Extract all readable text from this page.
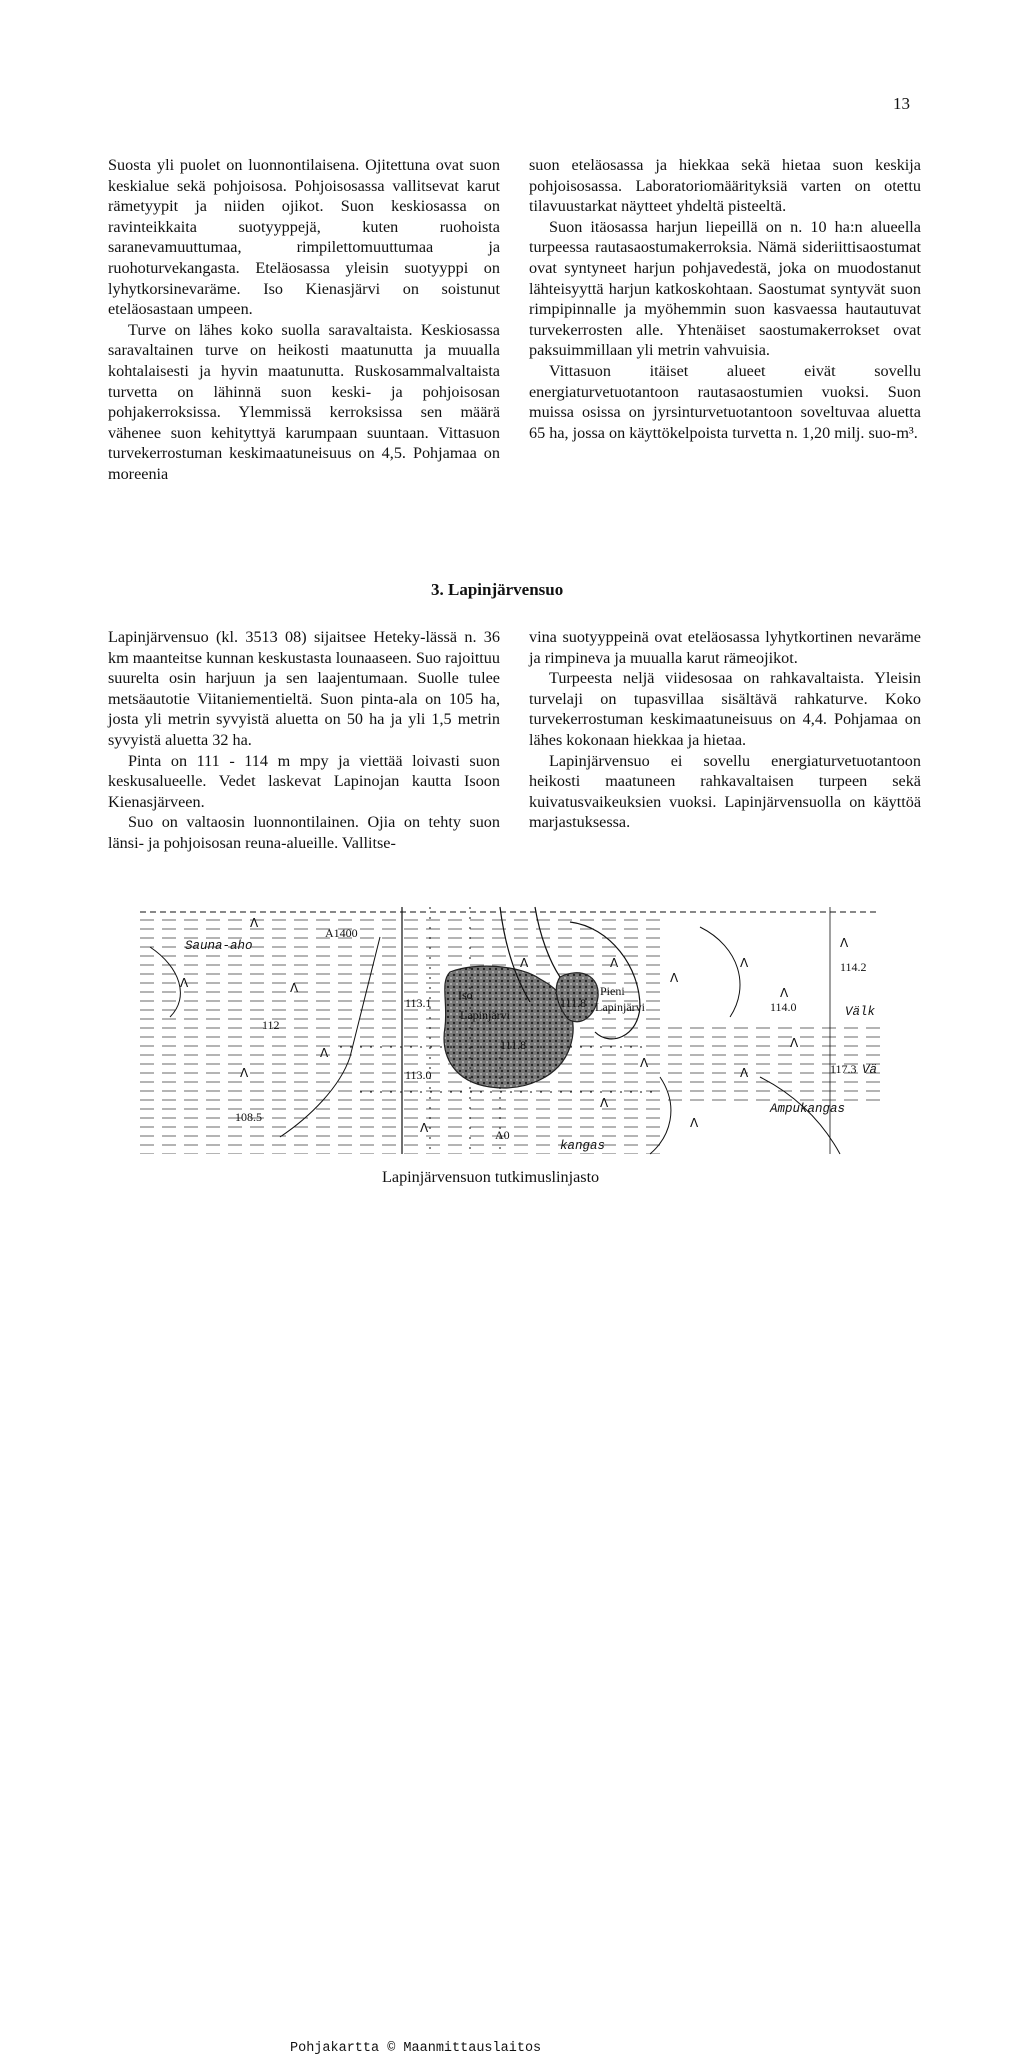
13

Suosta yli puolet on luonnontilaisena. Ojitettuna ovat suon keskialue sekä pohjoisosa. Pohjoisosassa vallitsevat karut rämetyypit ja niiden ojikot. Suon keskiosassa on ravinteikkaita suotyyppejä, kuten ruohoista saranevamuuttumaa, rimpilettomuuttumaa ja ruohoturvekangasta. Eteläosassa yleisin suotyyppi on lyhytkorsinevaräme. Iso Kienasjärvi on soistunut eteläosastaan umpeen.

Turve on lähes koko suolla saravaltaista. Keskiosassa saravaltainen turve on heikosti maatunutta ja muualla kohtalaisesti ja hyvin maatunutta. Ruskosammalvaltaista turvetta on lähinnä suon keski- ja pohjoisosan pohjakerroksissa. Ylemmissä kerroksissa sen määrä vähenee suon kehityttyä karumpaan suuntaan. Vittasuon turvekerrostuman keskimaatuneisuus on 4,5. Pohjamaa on moreenia

suon eteläosassa ja hiekkaa sekä hietaa suon keskija pohjoisosassa. Laboratoriomäärityksiä varten on otettu tilavuustarkat näytteet yhdeltä pisteeltä.

Suon itäosassa harjun liepeillä on n. 10 ha:n alueella turpeessa rautasaostumakerroksia. Nämä sideriittisaostumat ovat syntyneet harjun pohjavedestä, joka on muodostanut lähteisyyttä harjun katkoskohtaan. Saostumat syntyvät suon rimpipinnalle ja myöhemmin suon kasvaessa hautautuvat turvekerrosten alle. Yhtenäiset saostumakerrokset ovat paksuimmillaan yli metrin vahvuisia.

Vittasuon itäiset alueet eivät sovellu energiaturvetuotantoon rautasaostumien vuoksi. Suon muissa osissa on jyrsinturvetuotantoon soveltuvaa aluetta 65 ha, jossa on käyttökelpoista turvetta n. 1,20 milj. suo-m³.

3. Lapinjärvensuo

Lapinjärvensuo (kl. 3513 08) sijaitsee Heteky-lässä n. 36 km maanteitse kunnan keskustasta lounaaseen. Suo rajoittuu suurelta osin harjuun ja sen laajentumaan. Suolle tulee metsäautotie Viitaniementieltä. Suon pinta-ala on 105 ha, josta yli metrin syvyistä aluetta on 50 ha ja yli 1,5 metrin syvyistä aluetta 32 ha.

Pinta on 111 - 114 m mpy ja viettää loivasti suon keskusalueelle. Vedet laskevat Lapinojan kautta Isoon Kienasjärveen.

Suo on valtaosin luonnontilainen. Ojia on tehty suon länsi- ja pohjoisosan reuna-alueille. Vallitse-

vina suotyyppeinä ovat eteläosassa lyhytkortinen nevaräme ja rimpineva ja muualla karut rämeojikot.

Turpeesta neljä viidesosaa on rahkavaltaista. Yleisin turvelaji on tupasvillaa sisältävä rahkaturve. Koko turvekerrostuman keskimaatuneisuus on 4,4. Pohjamaa on lähes kokonaan hiekkaa ja hietaa.

Lapinjärvensuo ei sovellu energiaturvetuotantoon heikosti maatuneen rahkavaltaisen turpeen sekä kuivatusvaikeuksien vuoksi. Lapinjärvensuolla on käyttöä marjastuksessa.

Λ
Λ	Λ
Λ	Λ
Λ
Λ
Λ
Λ
Λ
Λ
Λ
Λ
Λ
Λ
Λ
Λ
Sauna-aho
A1400
112
113.1
113.0
108.5
Iso
Lapinjärvi
111.8
111.8
Pieni
Lapinjärvi	114.0
114.2
117.3
Välk
Vä
Ampukangas
A0
kangas
Pohjakartta © Maanmittauslaitos
Lapinjärvensuon tutkimuslinjasto
